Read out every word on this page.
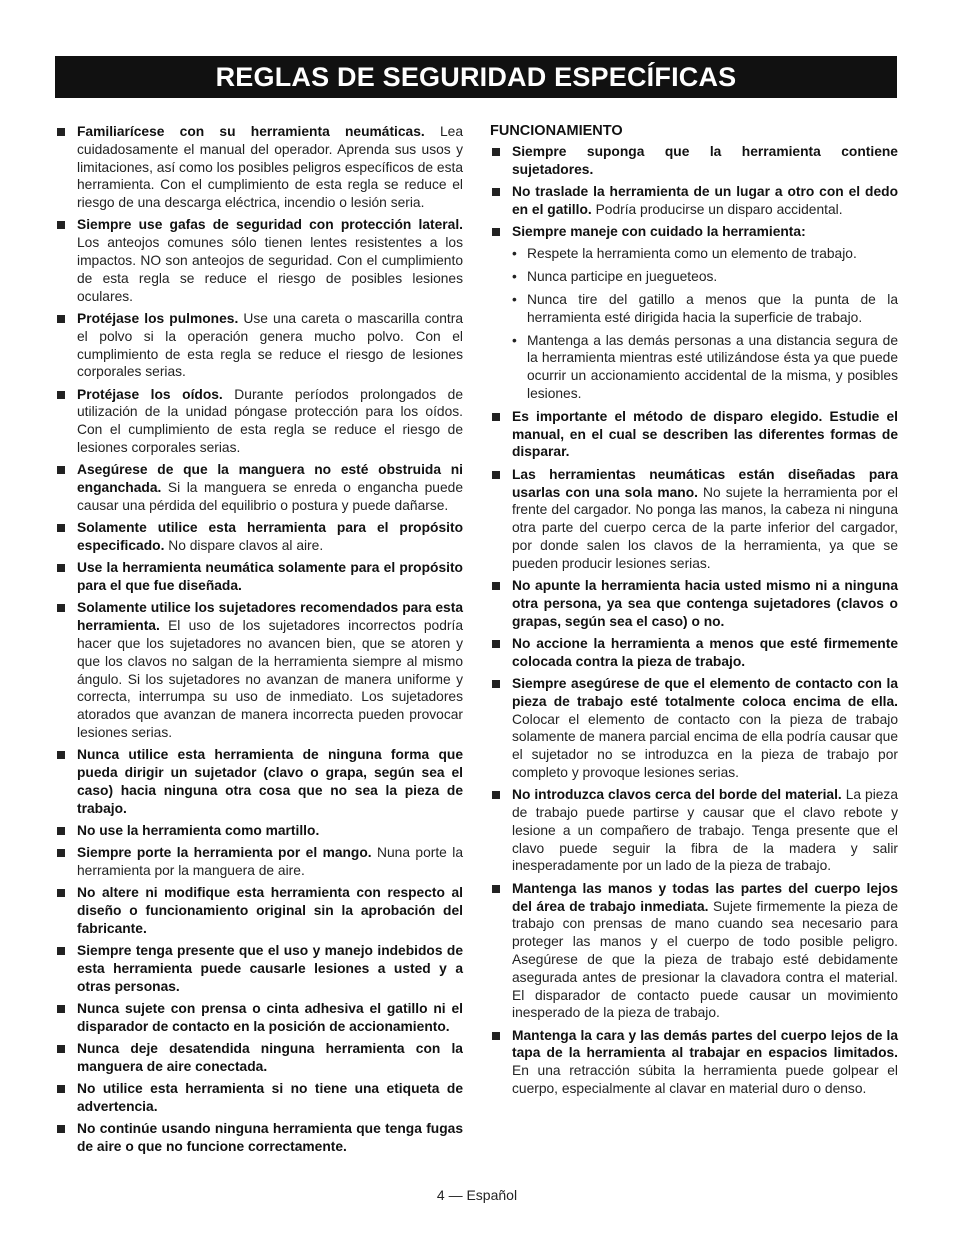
REGLAS DE SEGURIDAD ESPECÍFICAS
Familiarícese con su herramienta neumáticas. Lea cuidadosamente el manual del operador. Aprenda sus usos y limitaciones, así como los posibles peligros específicos de esta herramienta. Con el cumplimiento de esta regla se reduce el riesgo de una descarga eléctrica, incendio o lesión seria.
Siempre use gafas de seguridad con protección lateral. Los anteojos comunes sólo tienen lentes resistentes a los impactos. NO son anteojos de seguridad. Con el cumplimiento de esta regla se reduce el riesgo de posibles lesiones oculares.
Protéjase los pulmones. Use una careta o mascarilla contra el polvo si la operación genera mucho polvo. Con el cumplimiento de esta regla se reduce el riesgo de lesiones corporales serias.
Protéjase los oídos. Durante períodos prolongados de utilización de la unidad póngase protección para los oídos. Con el cumplimiento de esta regla se reduce el riesgo de lesiones corporales serias.
Asegúrese de que la manguera no esté obstruida ni enganchada. Si la manguera se enreda o engancha puede causar una pérdida del equilibrio o postura y puede dañarse.
Solamente utilice esta herramienta para el propósito especificado. No dispare clavos al aire.
Use la herramienta neumática solamente para el propósito para el que fue diseñada.
Solamente utilice los sujetadores recomendados para esta herramienta. El uso de los sujetadores incorrectos podría hacer que los sujetadores no avancen bien, que se atoren y que los clavos no salgan de la herramienta siempre al mismo ángulo. Si los sujetadores no avanzan de manera uniforme y correcta, interrumpa su uso de inmediato. Los sujetadores atorados que avanzan de manera incorrecta pueden provocar lesiones serias.
Nunca utilice esta herramienta de ninguna forma que pueda dirigir un sujetador (clavo o grapa, según sea el caso) hacia ninguna otra cosa que no sea la pieza de trabajo.
No use la herramienta como martillo.
Siempre porte la herramienta por el mango. Nuna porte la herramienta por la manguera de aire.
No altere ni modifique esta herramienta con respecto al diseño o funcionamiento original sin la aprobación del fabricante.
Siempre tenga presente que el uso y manejo indebidos de esta herramienta puede causarle lesiones a usted y a otras personas.
Nunca sujete con prensa o cinta adhesiva el gatillo ni el disparador de contacto en la posición de accionamiento.
Nunca deje desatendida ninguna herramienta con la manguera de aire conectada.
No utilice esta herramienta si no tiene una etiqueta de advertencia.
No continúe usando ninguna herramienta que tenga fugas de aire o que no funcione correctamente.
FUNCIONAMIENTO
Siempre suponga que la herramienta contiene sujetadores.
No traslade la herramienta de un lugar a otro con el dedo en el gatillo. Podría producirse un disparo accidental.
Siempre maneje con cuidado la herramienta:
• Respete la herramienta como un elemento de trabajo.
• Nunca participe en juegueteos.
• Nunca tire del gatillo a menos que la punta de la herramienta esté dirigida hacia la superficie de trabajo.
• Mantenga a las demás personas a una distancia segura de la herramienta mientras esté utilizándose ésta ya que puede ocurrir un accionamiento accidental de la misma, y posibles lesiones.
Es importante el método de disparo elegido. Estudie el manual, en el cual se describen las diferentes formas de disparar.
Las herramientas neumáticas están diseñadas para usarlas con una sola mano. No sujete la herramienta por el frente del cargador. No ponga las manos, la cabeza ni ninguna otra parte del cuerpo cerca de la parte inferior del cargador, por donde salen los clavos de la herramienta, ya que se pueden producir lesiones serias.
No apunte la herramienta hacia usted mismo ni a ninguna otra persona, ya sea que contenga sujetadores (clavos o grapas, según sea el caso) o no.
No accione la herramienta a menos que esté firmemente colocada contra la pieza de trabajo.
Siempre asegúrese de que el elemento de contacto con la pieza de trabajo esté totalmente coloca encima de ella. Colocar el elemento de contacto con la pieza de trabajo solamente de manera parcial encima de ella podría causar que el sujetador no se introduzca en la pieza de trabajo por completo y provoque lesiones serias.
No introduzca clavos cerca del borde del material. La pieza de trabajo puede partirse y causar que el clavo rebote y lesione a un compañero de trabajo. Tenga presente que el clavo puede seguir la fibra de la madera y salir inesperadamente por un lado de la pieza de trabajo.
Mantenga las manos y todas las partes del cuerpo lejos del área de trabajo inmediata. Sujete firmemente la pieza de trabajo con prensas de mano cuando sea necesario para proteger las manos y el cuerpo de todo posible peligro. Asegúrese de que la pieza de trabajo esté debidamente asegurada antes de presionar la clavadora contra el material. El disparador de contacto puede causar un movimiento inesperado de la pieza de trabajo.
Mantenga la cara y las demás partes del cuerpo lejos de la tapa de la herramienta al trabajar en espacios limitados. En una retracción súbita la herramienta puede golpear el cuerpo, especialmente al clavar en material duro o denso.
4 — Español
